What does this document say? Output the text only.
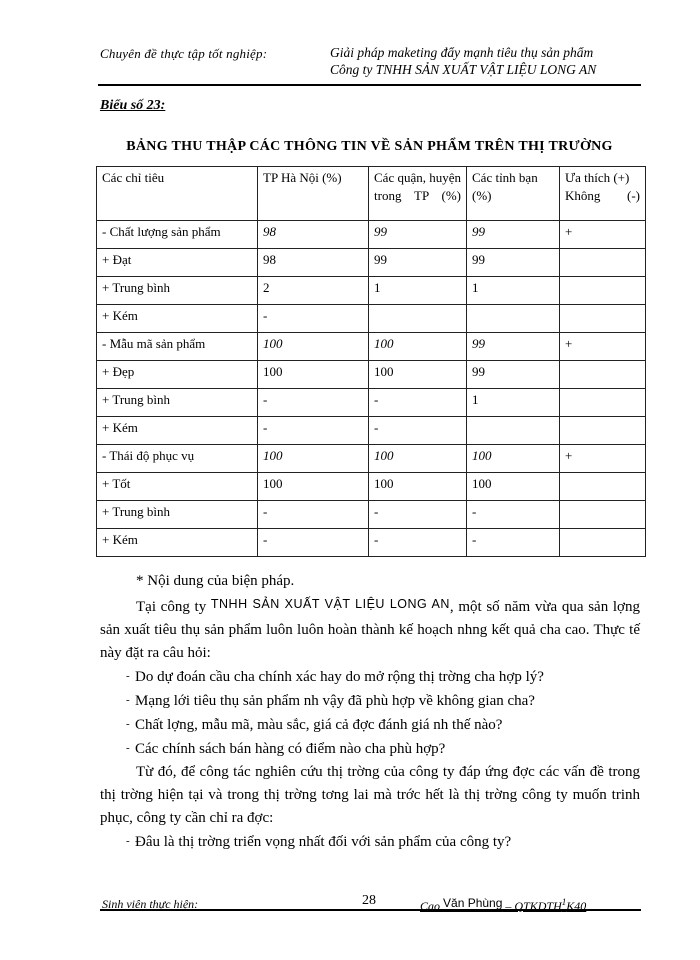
Chuyên đề thực tập tốt nghiệp:	Giải pháp maketing đẩy mạnh tiêu thụ sản phẩm
Công ty TNHH SẢN XUẤT VẬT LIỆU LONG AN
Biểu số 23:
BẢNG THU THẬP CÁC THÔNG TIN VỀ SẢN PHẨM TRÊN THỊ TRƯỜNG
Các chỉ tiêu	TP Hà Nội (%)	Các quận, huyện trong TP (%)	Các tỉnh bạn (%)	Ưa thích (+) Không (-)
- Chất lượng sản phẩm	98	99	99	+
+ Đạt	98	99	99	
+ Trung bình	2	1	1	
+ Kém	-			
- Mẫu mã sản phẩm	100	100	99	+
+ Đẹp	100	100	99	
+ Trung bình	-	-	1	
+ Kém	-	-		
- Thái độ phục vụ	100	100	100	+
+ Tốt	100	100	100	
+ Trung bình	-	-	-	
+ Kém	-	-	-	
* Nội dung của biện pháp.
Tại công ty $^{TNHH SẢN XUẤT VẬT LIỆU LONG AN}$, một số năm vừa qua sản lợng sản xuất tiêu thụ sản phẩm luôn luôn hoàn thành kế hoạch nhng kết quả cha cao. Thực tế này đặt ra câu hỏi:
- Do dự đoán cầu cha chính xác hay do mở rộng thị trờng cha hợp lý?
- Mạng lới tiêu thụ sản phẩm nh vậy đã phù hợp về không gian cha?
- Chất lợng, mẫu mã, màu sắc, giá cả đợc đánh giá nh thế nào?
- Các chính sách bán hàng có điểm nào cha phù hợp?
Từ đó, để công tác nghiên cứu thị trờng của công ty đáp ứng đợc các vấn đề trong thị trờng hiện tại và trong thị trờng tơng lai mà trớc hết là thị trờng công ty muốn trinh phục, công ty cần chỉ ra đợc:
- Đâu là thị trờng triển vọng nhất đối với sản phẩm của công ty?
Sinh viên thực hiện:	28	Cao Văn Phùng – QTKDTH$^1$K40
